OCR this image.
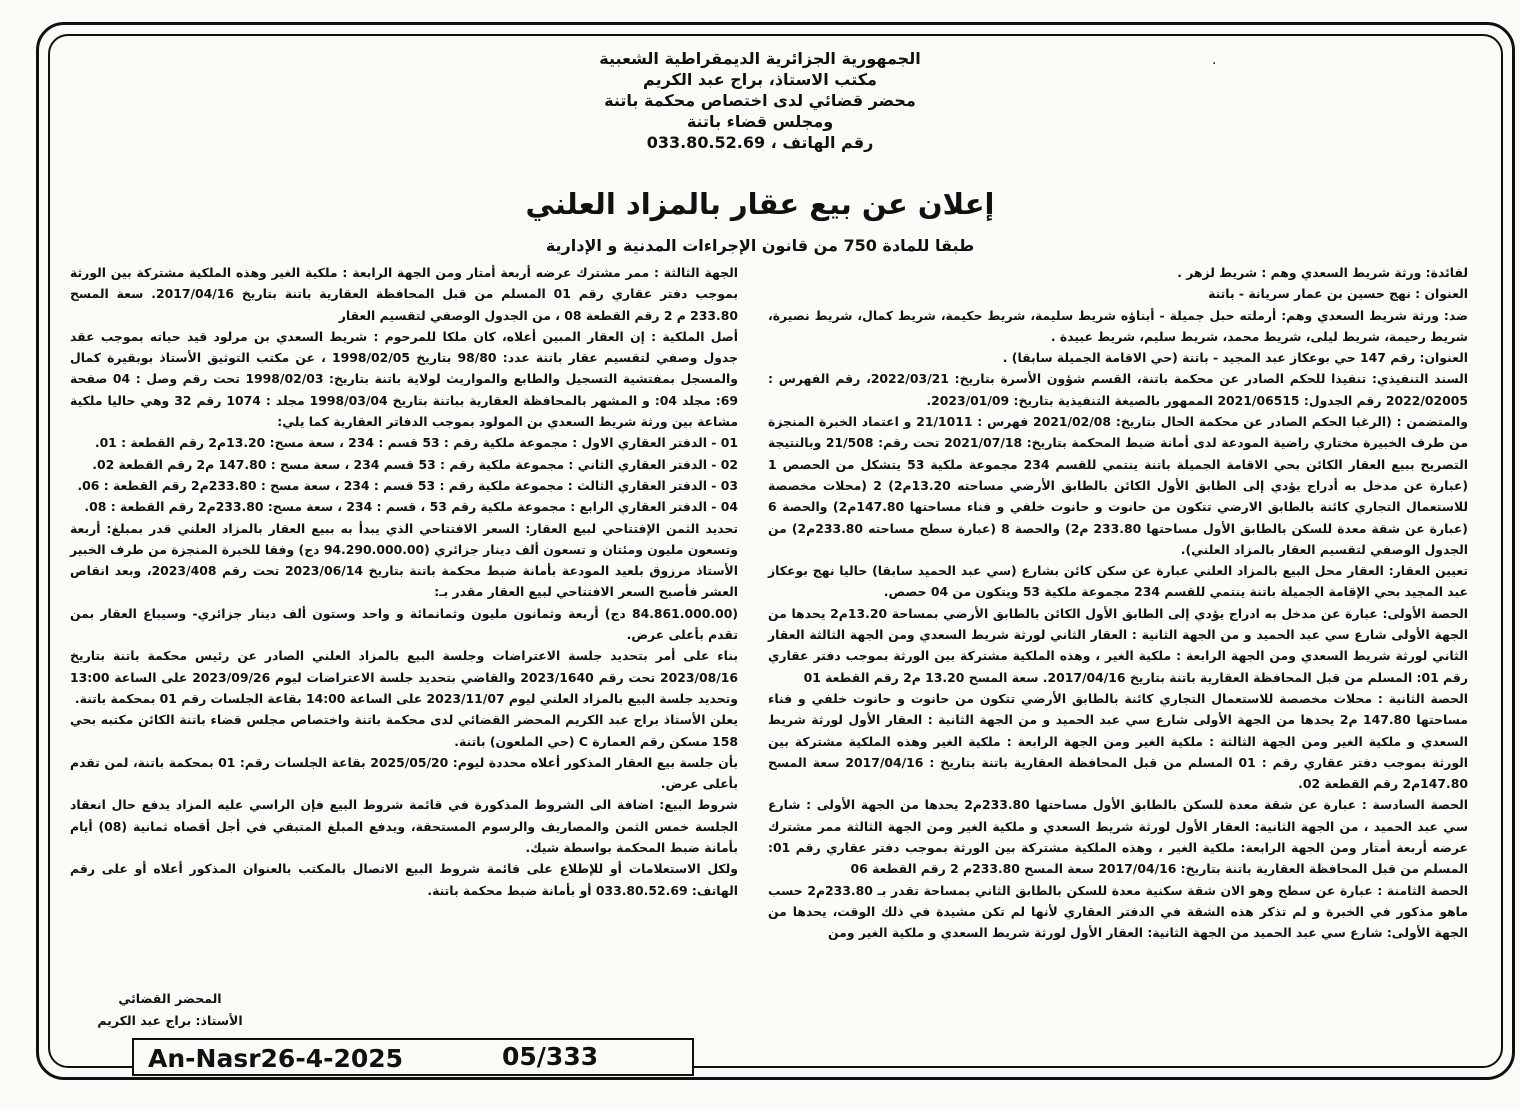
·
الجمهورية الجزائرية الديمقراطية الشعبية
مكتب الاستاذ، براج عبد الكريم
محضر قضائي لدى اختصاص محكمة باتنة
ومجلس قضاء باتنة
رقم الهاتف ، 033.80.52.69
إعلان عن بيع عقار بالمزاد العلني
طبقا للمادة 750 من قانون الإجراءات المدنية و الإدارية

لفائدة: ورثة شريط السعدي وهم : شريط لزهر .

العنوان : نهج حسين بن عمار سريانة - باتنة

ضد: ورثة شريط السعدي وهم: أرملته حبل جميلة - أبناؤه شريط سليمة، شريط حكيمة، شريط كمال، شريط نصيرة، شريط رحيمة، شريط ليلى، شريط محمد، شريط سليم، شريط عبيدة .

العنوان: رقم 147 حي بوعكاز عبد المجيد - باتنة (حي الاقامة الجميلة سابقا) .

السند التنفيذي: تنفيذا للحكم الصادر عن محكمة باتنة، القسم شؤون الأسرة بتاريخ: 2022/03/21، رقم الفهرس : 2022/02005 رقم الجدول: 2021/06515 الممهور بالصيغة التنفيذية بتاريخ: 2023/01/09.

والمتضمن : (الرغبا الحكم الصادر عن محكمة الحال بتاريخ: 2021/02/08 فهرس : 21/1011 و اعتماد الخبرة المنجزة من طرف الخبيرة مختاري راضية المودعة لدى أمانة ضبط المحكمة بتاريخ: 2021/07/18 تحت رقم: 21/508 وبالنتيجة التصريح ببيع العقار الكائن بحي الاقامة الجميلة باتنة ينتمي للقسم 234 مجموعة ملكية 53 يتشكل من الحصص 1 (عبارة عن مدخل به أدراج يؤدي إلى الطابق الأول الكائن بالطابق الأرضي مساحته 13.20م2) 2 (محلات مخصصة للاستعمال التجاري كائنة بالطابق الارضي تتكون من حانوت و حانوت خلفي و فناء مساحتها 147.80م2) والحصة 6 (عبارة عن شقة معدة للسكن بالطابق الأول مساحتها 233.80 م2) والحصة 8 (عبارة سطح مساحته 233.80م2) من الجدول الوصفي لتقسيم العقار بالمزاد العلني).

تعيين العقار: العقار محل البيع بالمزاد العلني عبارة عن سكن كائن بشارع (سي عبد الحميد سابقا) حاليا نهج بوعكاز عبد المجيد بحي الإقامة الجميلة باتنة ينتمي للقسم 234 مجموعة ملكية 53 ويتكون من 04 حصص.

الحصة الأولى: عبارة عن مدخل به ادراج يؤدي إلى الطابق الأول الكائن بالطابق الأرضي بمساحة 13.20م2 يحدها من الجهة الأولى شارع سي عبد الحميد و من الجهة الثانية : العقار الثاني لورثة شريط السعدي ومن الجهة الثالثة العقار الثاني لورثة شريط السعدي ومن الجهة الرابعة : ملكية الغير ، وهذه الملكية مشتركة بين الورثة بموجب دفتر عقاري رقم 01: المسلم من قبل المحافظة العقارية باتنة بتاريخ 2017/04/16. سعة المسح 13.20 م2 رقم القطعة 01

الحصة الثانية : محلات مخصصة للاستعمال التجاري كائنة بالطابق الأرضي تتكون من حانوت و حانوت خلفي و فناء مساحتها 147.80 م2 يحدها من الجهة الأولى شارع سي عبد الحميد و من الجهة الثانية : العقار الأول لورثة شريط السعدي و ملكية الغير ومن الجهة الثالثة : ملكية الغير ومن الجهة الرابعة : ملكية الغير وهذه الملكية مشتركة بين الورثة بموجب دفتر عقاري رقم : 01 المسلم من قبل المحافظة العقارية باتنة بتاريخ : 2017/04/16 سعة المسح 147.80م2 رقم القطعة 02.

الحصة السادسة : عبارة عن شقة معدة للسكن بالطابق الأول مساحتها 233.80م2 يحدها من الجهة الأولى : شارع سي عبد الحميد ، من الجهة الثانية: العقار الأول لورثة شريط السعدي و ملكية الغير ومن الجهة الثالثة ممر مشترك عرضه أربعة أمتار ومن الجهة الرابعة: ملكية الغير ، وهذه الملكية مشتركة بين الورثة بموجب دفتر عقاري رقم 01: المسلم من قبل المحافظة العقارية باتنة بتاريخ: 2017/04/16 سعة المسح 233.80م 2 رقم القطعة 06

الحصة الثامنة : عبارة عن سطح وهو الان شقة سكنية معدة للسكن بالطابق الثاني بمساحة تقدر بـ 233.80م2 حسب ماهو مذكور في الخبرة و لم تذكر هذه الشقة في الدفتر العقاري لأنها لم تكن مشيدة في ذلك الوقت، يحدها من الجهة الأولى: شارع سي عبد الحميد من الجهة الثانية: العقار الأول لورثة شريط السعدي و ملكية الغير ومن

الجهة الثالثة : ممر مشترك عرضه أربعة أمتار ومن الجهة الرابعة : ملكية الغير وهذه الملكية مشتركة بين الورثة بموجب دفتر عقاري رقم 01 المسلم من قبل المحافظة العقارية باتنة بتاريخ 2017/04/16. سعة المسح 233.80 م 2 رقم القطعة 08 ، من الجدول الوصفي لتقسيم العقار

أصل الملكية : إن العقار المبين أعلاه، كان ملكا للمرحوم : شريط السعدي بن مرلود قيد حياته بموجب عقد جدول وصفي لتقسيم عقار باتنة عدد: 98/80 بتاريخ 1998/02/05 ، عن مكتب التوثيق الأستاذ بوبقيرة كمال والمسجل بمفتشية التسجيل والطابع والمواريث لولاية باتنة بتاريخ: 1998/02/03 تحت رقم وصل : 04 صفحة 69: مجلد 04: و المشهر بالمحافظة العقارية بباتنة بتاريخ 1998/03/04 مجلد : 1074 رقم 32 وهي حاليا ملكية مشاعة بين ورثة شريط السعدي بن المولود بموجب الدفاتر العقارية كما يلي:

01 - الدفتر العقاري الاول : مجموعة ملكية رقم : 53 قسم : 234 ، سعة مسح: 13.20م2 رقم القطعة : 01.

02 - الدفتر العقاري الثاني : مجموعة ملكية رقم : 53 قسم 234 ، سعة مسح : 147.80 م2 رقم القطعة 02.

03 - الدفتر العقاري الثالث : مجموعة ملكية رقم : 53 قسم : 234 ، سعة مسح : 233.80م2 رقم القطعة : 06.

04 - الدفتر العقاري الرابع : مجموعة ملكية رقم 53 ، قسم : 234 ، سعة مسح: 233.80م2 رقم القطعة : 08.

تحديد الثمن الإفتتاحي لبيع العقار: السعر الافتتاحي الذي يبدأ به ببيع العقار بالمزاد العلني قدر بمبلغ: أربعة وتسعون مليون ومئتان و تسعون ألف دينار جزائري (94.290.000.00 دج) وفقا للخبرة المنجزة من طرف الخبير الأستاذ مرزوق بلعيد المودعة بأمانة ضبط محكمة باتنة بتاريخ 2023/06/14 تحت رقم 2023/408، وبعد انقاص العشر فأصبح السعر الافتتاحي لبيع العقار مقدر بـ:

(84.861.000.00 دج) أربعة وثمانون مليون وثمانمائة و واحد وستون ألف دينار جزائري- وسيباع العقار بمن تقدم بأعلى عرض.

بناء على أمر بتحديد جلسة الاعتراضات وجلسة البيع بالمزاد العلني الصادر عن رئيس محكمة باتنة بتاريخ 2023/08/16 تحت رقم 2023/1640 والقاضي بتحديد جلسة الاعتراضات ليوم 2023/09/26 على الساعة 13:00 وتحديد جلسة البيع بالمزاد العلني ليوم 2023/11/07 على الساعة 14:00 بقاعة الجلسات رقم 01 بمحكمة باتنة.

يعلن الأستاذ براج عبد الكريم المحضر القضائي لدى محكمة باتنة واختصاص مجلس قضاء باتنة الكائن مكتبه بحي 158 مسكن رقم العمارة C (حي الملعون) باتنة.

بأن جلسة بيع العقار المذكور أعلاه محددة ليوم: 2025/05/20 بقاعة الجلسات رقم: 01 بمحكمة باتنة، لمن تقدم بأعلى عرض.

شروط البيع: اضافة الى الشروط المذكورة في قائمة شروط البيع فإن الراسي عليه المزاد يدفع حال انعقاد الجلسة خمس الثمن والمصاريف والرسوم المستحقة، ويدفع المبلغ المتبقي في أجل أقصاه ثمانية (08) أيام بأمانة ضبط المحكمة بواسطة شيك.

ولكل الاستعلامات أو للإطلاع على قائمة شروط البيع الاتصال بالمكتب بالعنوان المذكور أعلاه أو على رقم الهاتف: 033.80.52.69 أو بأمانة ضبط محكمة باتنة.

المحضر القضائي
الأستاذ: براج عبد الكريم
An-Nasr26-4-2025	05/333
